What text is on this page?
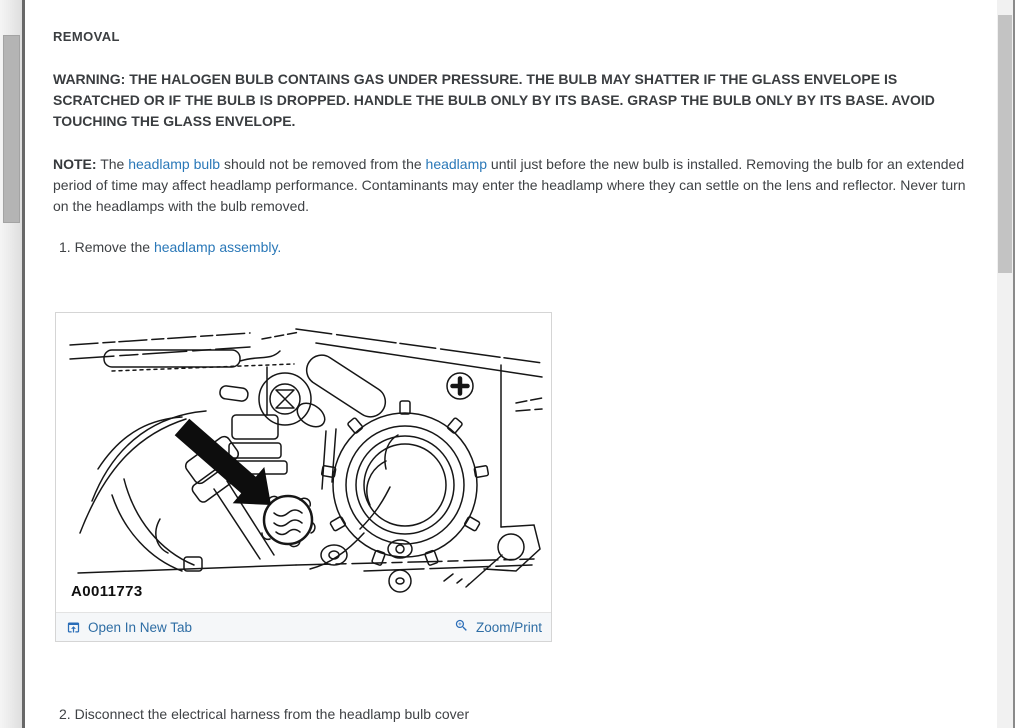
REMOVAL
WARNING: THE HALOGEN BULB CONTAINS GAS UNDER PRESSURE. THE BULB MAY SHATTER IF THE GLASS ENVELOPE IS SCRATCHED OR IF THE BULB IS DROPPED. HANDLE THE BULB ONLY BY ITS BASE. GRASP THE BULB ONLY BY ITS BASE. AVOID TOUCHING THE GLASS ENVELOPE.
NOTE: The headlamp bulb should not be removed from the headlamp until just before the new bulb is installed. Removing the bulb for an extended period of time may affect headlamp performance. Contaminants may enter the headlamp where they can settle on the lens and reflector. Never turn on the headlamps with the bulb removed.
1. Remove the headlamp assembly.
A0011773
Open In New Tab	Zoom/Print
2. Disconnect the electrical harness from the headlamp bulb cover
